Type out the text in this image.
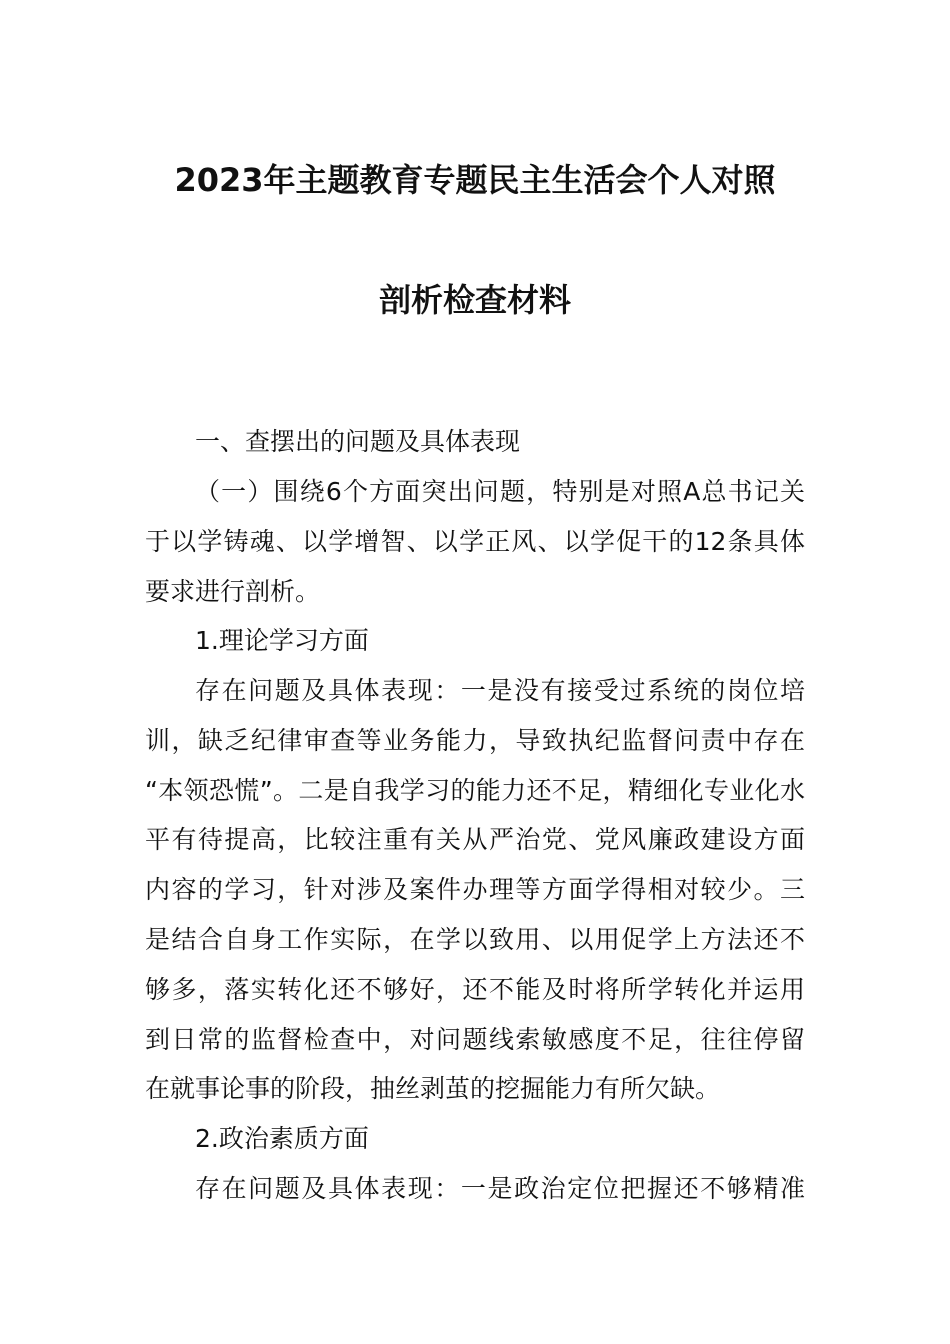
2023年主题教育专题民主生活会个人对照
剖析检查材料
一、查摆出的问题及具体表现
（一）围绕6个方面突出问题，特别是对照A总书记关
于以学铸魂、以学增智、以学正风、以学促干的12条具体
要求进行剖析。
1.理论学习方面
存在问题及具体表现：一是没有接受过系统的岗位培
训，缺乏纪律审查等业务能力，导致执纪监督问责中存在
“本领恐慌”。二是自我学习的能力还不足，精细化专业化水
平有待提高，比较注重有关从严治党、党风廉政建设方面
内容的学习，针对涉及案件办理等方面学得相对较少。三
是结合自身工作实际，在学以致用、以用促学上方法还不
够多，落实转化还不够好，还不能及时将所学转化并运用
到日常的监督检查中，对问题线索敏感度不足，往往停留
在就事论事的阶段，抽丝剥茧的挖掘能力有所欠缺。
2.政治素质方面
存在问题及具体表现：一是政治定位把握还不够精准
